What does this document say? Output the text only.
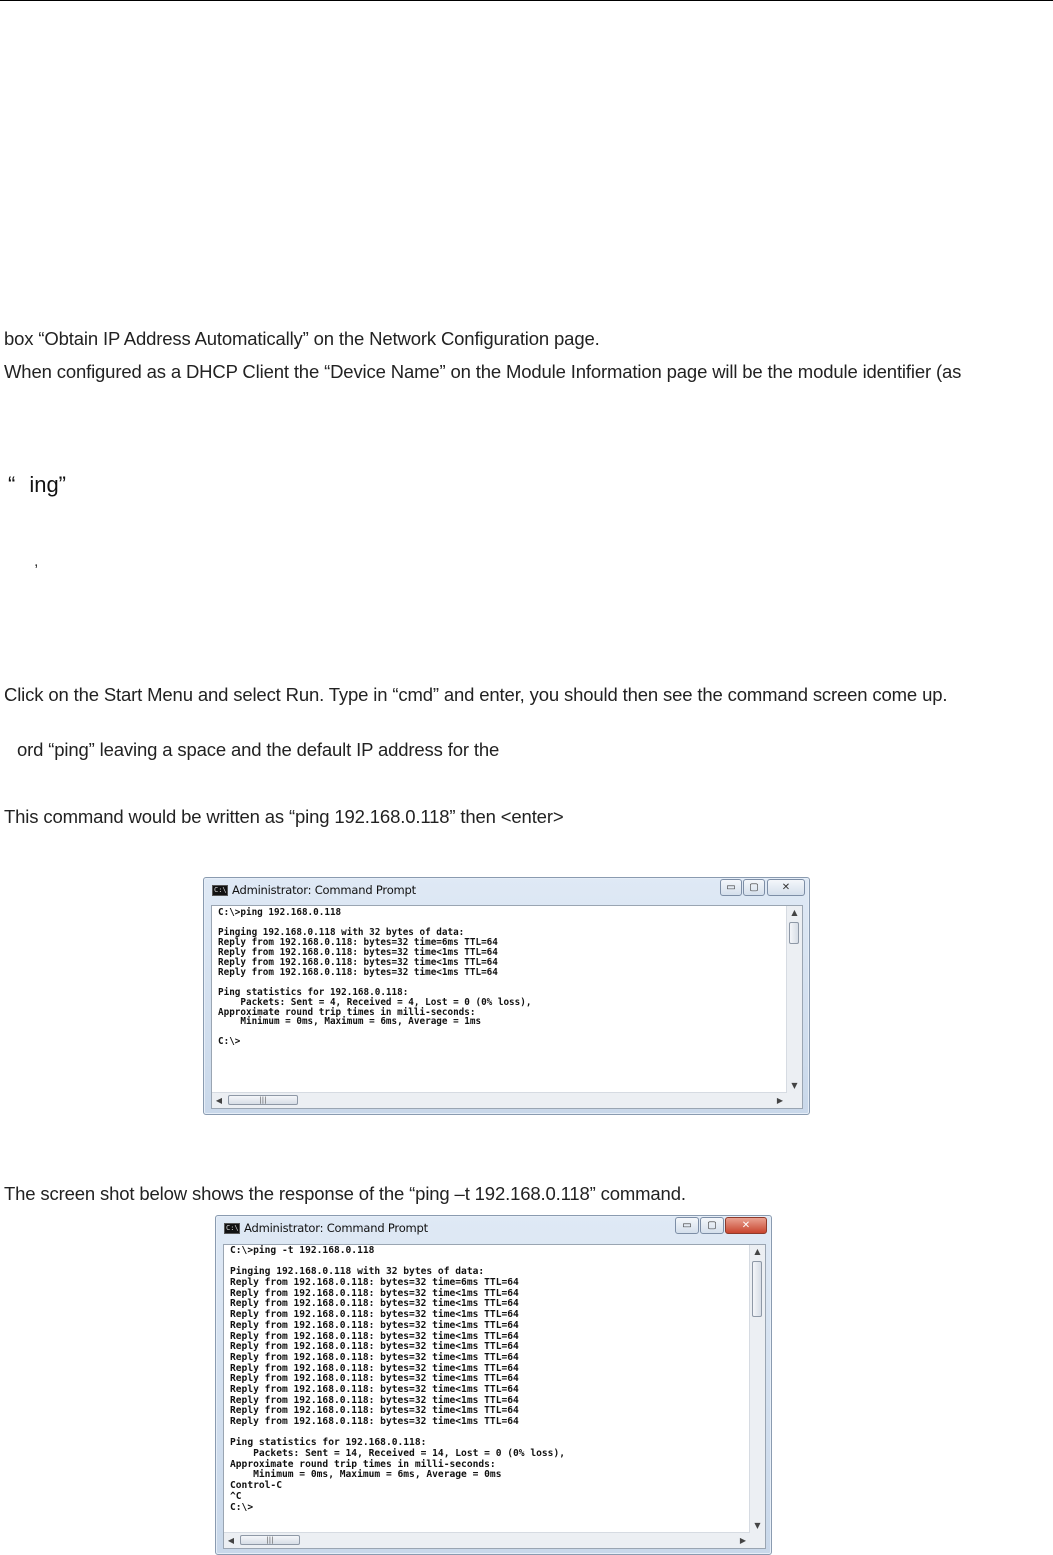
box “Obtain IP Address Automatically” on the Network Configuration page.
When configured as a DHCP Client the “Device Name” on the Module Information page will be the module identifier (as
“ ing”
,
Click on the Start Menu and select Run. Type in “cmd” and enter, you should then see the command screen come up.
ord “ping” leaving a space and the default IP address for the
This command would be written as “ping 192.168.0.118” then <enter>
C:\ Administrator: Command Prompt	▭	▢	✕
C:\>ping 192.168.0.118

Pinging 192.168.0.118 with 32 bytes of data:
Reply from 192.168.0.118: bytes=32 time=6ms TTL=64
Reply from 192.168.0.118: bytes=32 time<1ms TTL=64
Reply from 192.168.0.118: bytes=32 time<1ms TTL=64
Reply from 192.168.0.118: bytes=32 time<1ms TTL=64

Ping statistics for 192.168.0.118:
Packets: Sent = 4, Received = 4, Lost = 0 (0% loss),
Approximate round trip times in milli-seconds:
Minimum = 0ms, Maximum = 6ms, Average = 1ms

C:\>
▲
▼
◀	|||	▶
The screen shot below shows the response of the “ping –t 192.168.0.118” command.
C:\ Administrator: Command Prompt	▭	▢	✕
C:\>ping -t 192.168.0.118

Pinging 192.168.0.118 with 32 bytes of data:
Reply from 192.168.0.118: bytes=32 time=6ms TTL=64
Reply from 192.168.0.118: bytes=32 time<1ms TTL=64
Reply from 192.168.0.118: bytes=32 time<1ms TTL=64
Reply from 192.168.0.118: bytes=32 time<1ms TTL=64
Reply from 192.168.0.118: bytes=32 time<1ms TTL=64
Reply from 192.168.0.118: bytes=32 time<1ms TTL=64
Reply from 192.168.0.118: bytes=32 time<1ms TTL=64
Reply from 192.168.0.118: bytes=32 time<1ms TTL=64
Reply from 192.168.0.118: bytes=32 time<1ms TTL=64
Reply from 192.168.0.118: bytes=32 time<1ms TTL=64
Reply from 192.168.0.118: bytes=32 time<1ms TTL=64
Reply from 192.168.0.118: bytes=32 time<1ms TTL=64
Reply from 192.168.0.118: bytes=32 time<1ms TTL=64
Reply from 192.168.0.118: bytes=32 time<1ms TTL=64

Ping statistics for 192.168.0.118:
Packets: Sent = 14, Received = 14, Lost = 0 (0% loss),
Approximate round trip times in milli-seconds:
Minimum = 0ms, Maximum = 6ms, Average = 0ms
Control-C
^C
C:\>
▲
▼
◀	|||	▶
